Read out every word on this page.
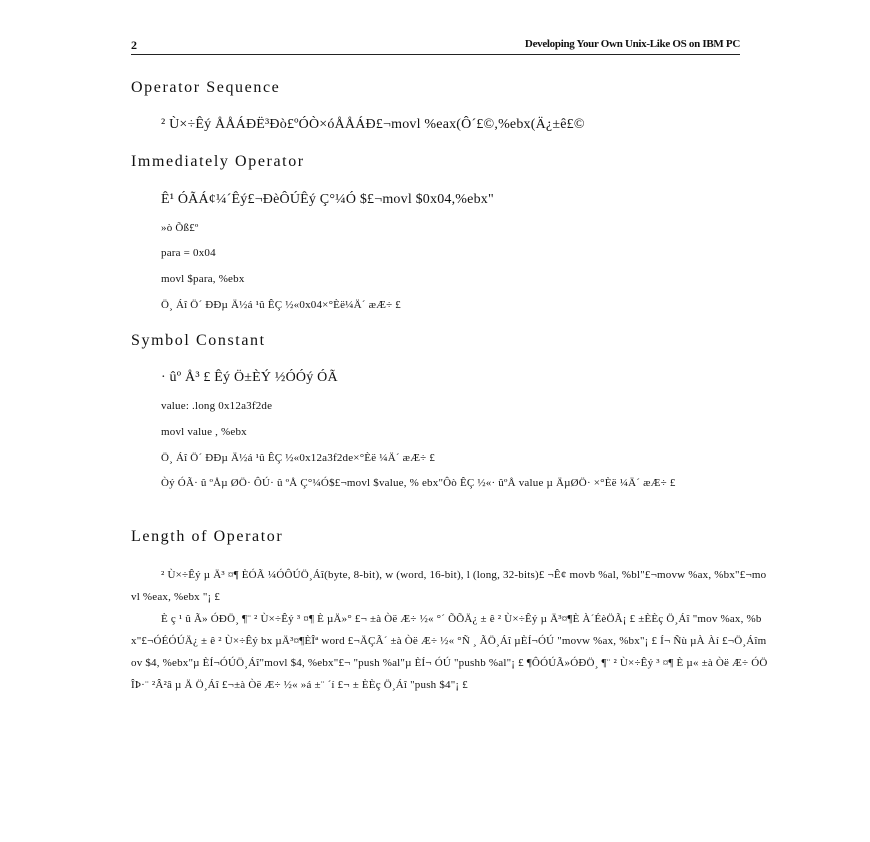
2	Developing Your Own Unix-Like OS on IBM PC
Operator Sequence
² Ù×÷Êý ÅÅÁÐË³Ðò£ºÓÒ×óÅÅÁÐ£¬movl %eax(Ô´£©,%ebx(Ä¿±ê£©
Immediately Operator
Ê¹ ÓÃÁ¢¼´Êý£¬ÐèÔÚÊý Ç°¼Ó $£¬movl $0x04,%ebx"
»ò Õß£º
para = 0x04
movl $para, %ebx
Ö¸ Áî Ö´ ÐÐµ Ä½á ¹û ÊÇ ½«0x04×°Èë¼Ä´ æÆ÷ £
Symbol Constant
· ûº Å³ £ Êý Ö±ÈÝ ½ÓÓý ÓÃ
value: .long 0x12a3f2de
movl value , %ebx
Ö¸ Áî Ö´ ÐÐµ Ä½á ¹û ÊÇ ½«0x12a3f2de×°Èë ¼Ä´ æÆ÷ £
Òý ÓÃ· û ºÅµ ØÖ· ÔÚ· û ºÅ Ç°¼Ó$£¬movl $value, % ebx"Ôò ÊÇ ½«· ûºÅ value µ ÄµØÖ· ×°Èë ¼Ä´ æÆ÷ £
Length of Operator
² Ù×÷Êý µ Ä³ ¤¶ ÈÓÃ ¼ÓÔÚÖ¸Áî(byte, 8-bit), w (word, 16-bit), l (long, 32-bits)£ ¬Ê¢ movb %al, %bl"£¬movw %ax, %bx"£¬movl %eax, %ebx "¡ £
È ç ¹ û Ã» ÓÐÖ¸ ¶¨ ² Ù×÷Êý ³ ¤¶ È µÄ»° £¬ ±à Òë Æ÷ ½« °´ ÕÕÄ¿ ± ê ² Ù×÷Êý µ Ä³¤¶È À´ÉèÖÃ¡ £ ±ÈÈç Ö¸Áî "mov %ax, %bx"£¬ÓÉÓÚÄ¿ ± ê ² Ù×÷Êý bx µÄ³¤¶ÈÎª word £¬ÄÇÃ´ ±à Òë Æ÷ ½« °Ñ ¸ ÃÖ¸Áî µÈÍ¬ÓÚ "movw %ax, %bx"¡ £ Í¬ Ñù µÀ Àí £¬Ö¸Áîmov $4, %ebx"µ ÈÍ¬ÓÚÖ¸Áî"movl $4, %ebx"£¬ "push %al"µ ÈÍ¬ ÓÚ "pushb %al"¡ £ ¶ÔÓÚÃ»ÓÐÖ¸ ¶¨ ² Ù×÷Êý ³ ¤¶ È µ« ±à Òë Æ÷ ÓÖ ÎÞ·¨ ²Â²â µ Ä Ö¸Áî £¬±à Òë Æ÷ ½« »á ±¨ ´í £¬ ± ÈÈç Ö¸Áî "push $4"¡ £
